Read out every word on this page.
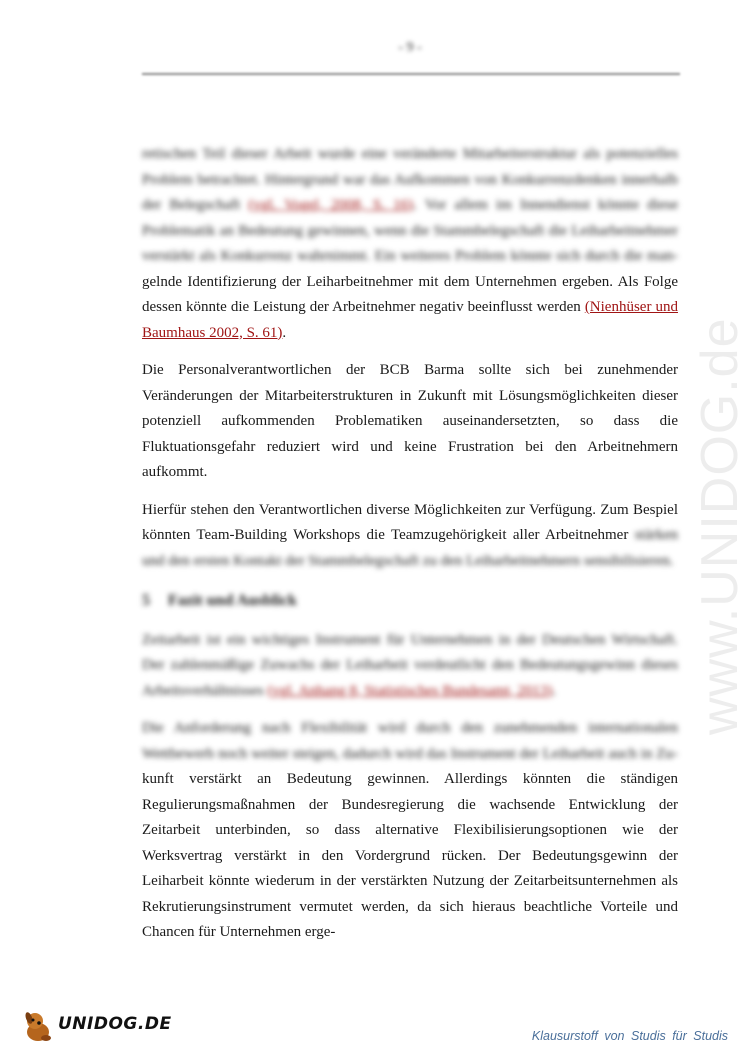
- 9 -
www.UNIDOG.de

retischen Teil dieser Arbeit wurde eine veränderte Mitarbeiterstruktur als potenzielles Problem betrachtet. Hintergrund war das Aufkommen von Konkurrenzdenken innerhalb der Belegschaft (vgl. Vogel, 2008, S. 16). Vor allem im Innendienst könnte diese Problematik an Bedeutung gewinnen, wenn die Stammbelegschaft die Leiharbeitnehmer verstärkt als Konkurrenz wahrnimmt. Ein weiteres Problem könnte sich durch die man- gelnde Identifizierung der Leiharbeitnehmer mit dem Unternehmen ergeben. Als Folge dessen könnte die Leistung der Arbeitnehmer negativ beeinflusst werden (Nienhüser und Baumhaus 2002, S. 61).

Die Personalverantwortlichen der BCB Barma sollte sich bei zunehmender Veränderungen der Mitarbeiterstrukturen in Zukunft mit Lösungsmöglichkeiten dieser potenziell aufkommenden Problematiken auseinandersetzten, so dass die Fluktuationsgefahr reduziert wird und keine Frustration bei den Arbeitnehmern aufkommt.

Hierfür stehen den Verantwortlichen diverse Möglichkeiten zur Verfügung. Zum Bespiel könnten Team-Building Workshops die Teamzugehörigkeit aller Arbeitnehmer stärken und den ersten Kontakt der Stammbelegschaft zu den Leiharbeitnehmern sensibilisieren.

5 Fazit und Ausblick

Zeitarbeit ist ein wichtiges Instrument für Unternehmen in der Deutschen Wirtschaft. Der zahlenmäßige Zuwachs der Leiharbeit verdeutlicht den Bedeutungsgewinn dieses Arbeitsverhältnisses (vgl. Anhang 8, Statistisches Bundesamt, 2013).

Die Anforderung nach Flexibilität wird durch den zunehmenden internationalen Wettbewerb noch weiter steigen, dadurch wird das Instrument der Leiharbeit auch in Zu- kunft verstärkt an Bedeutung gewinnen. Allerdings könnten die ständigen Regulierungsmaßnahmen der Bundesregierung die wachsende Entwicklung der Zeitarbeit unterbinden, so dass alternative Flexibilisierungsoptionen wie der Werksvertrag verstärkt in den Vordergrund rücken. Der Bedeutungsgewinn der Leiharbeit könnte wiederum in der verstärkten Nutzung der Zeitarbeitsunternehmen als Rekrutierungsinstrument vermutet werden, da sich hieraus beachtliche Vorteile und Chancen für Unternehmen erge-

UNIDOG.DE
Klausurstoff von Studis für Studis
